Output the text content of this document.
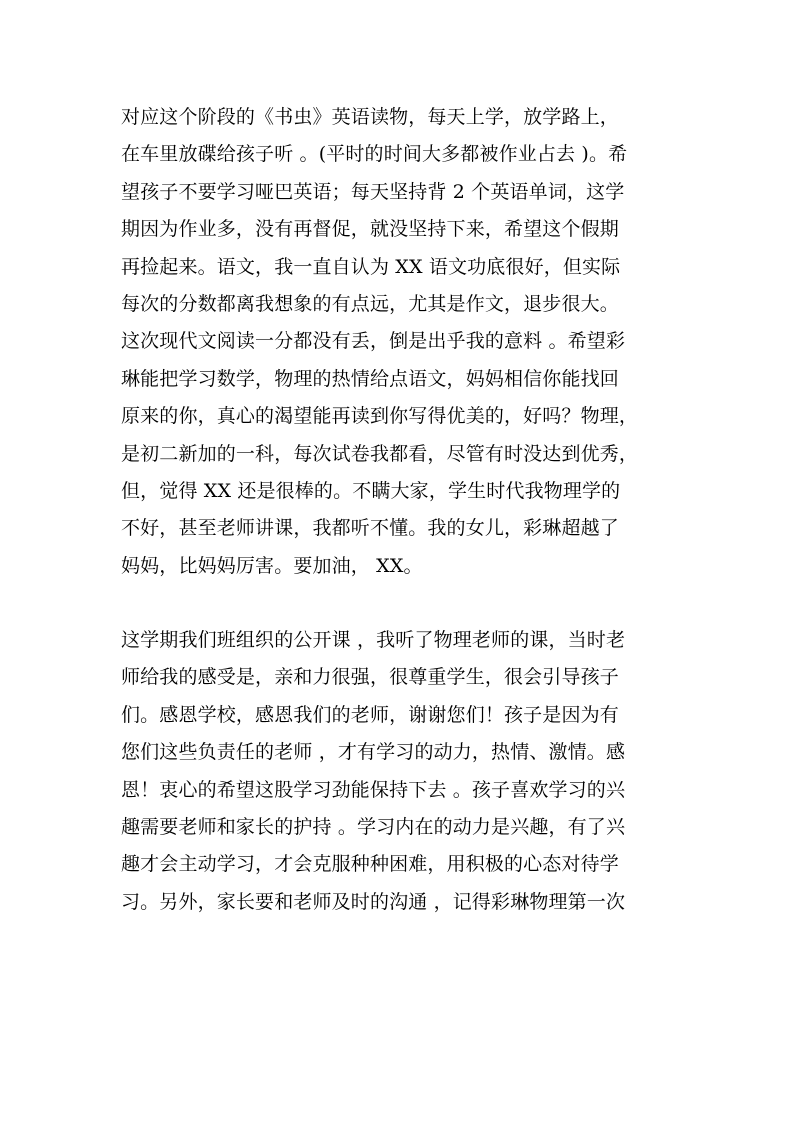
对应这个阶段的《书虫》英语读物，每天上学，放学路上，
在车里放碟给孩子听 。(平时的时间大多都被作业占去 )。希
望孩子不要学习哑巴英语；每天坚持背 2 个英语单词，这学
期因为作业多，没有再督促，就没坚持下来，希望这个假期
再捡起来。语文，我一直自认为 XX 语文功底很好，但实际
每次的分数都离我想象的有点远，尤其是作文，退步很大。
这次现代文阅读一分都没有丢，倒是出乎我的意料 。希望彩
琳能把学习数学，物理的热情给点语文，妈妈相信你能找回
原来的你，真心的渴望能再读到你写得优美的，好吗？物理，
是初二新加的一科，每次试卷我都看，尽管有时没达到优秀，
但，觉得 XX 还是很棒的。不瞒大家，学生时代我物理学的
不好，甚至老师讲课，我都听不懂。我的女儿，彩琳超越了
妈妈，比妈妈厉害。要加油， XX。
这学期我们班组织的公开课 ，我听了物理老师的课，当时老
师给我的感受是，亲和力很强，很尊重学生，很会引导孩子
们。感恩学校，感恩我们的老师，谢谢您们！孩子是因为有
您们这些负责任的老师 ，才有学习的动力，热情、激情。感
恩！衷心的希望这股学习劲能保持下去 。孩子喜欢学习的兴
趣需要老师和家长的护持 。学习内在的动力是兴趣，有了兴
趣才会主动学习，才会克服种种困难，用积极的心态对待学
习。另外，家长要和老师及时的沟通 ，记得彩琳物理第一次
